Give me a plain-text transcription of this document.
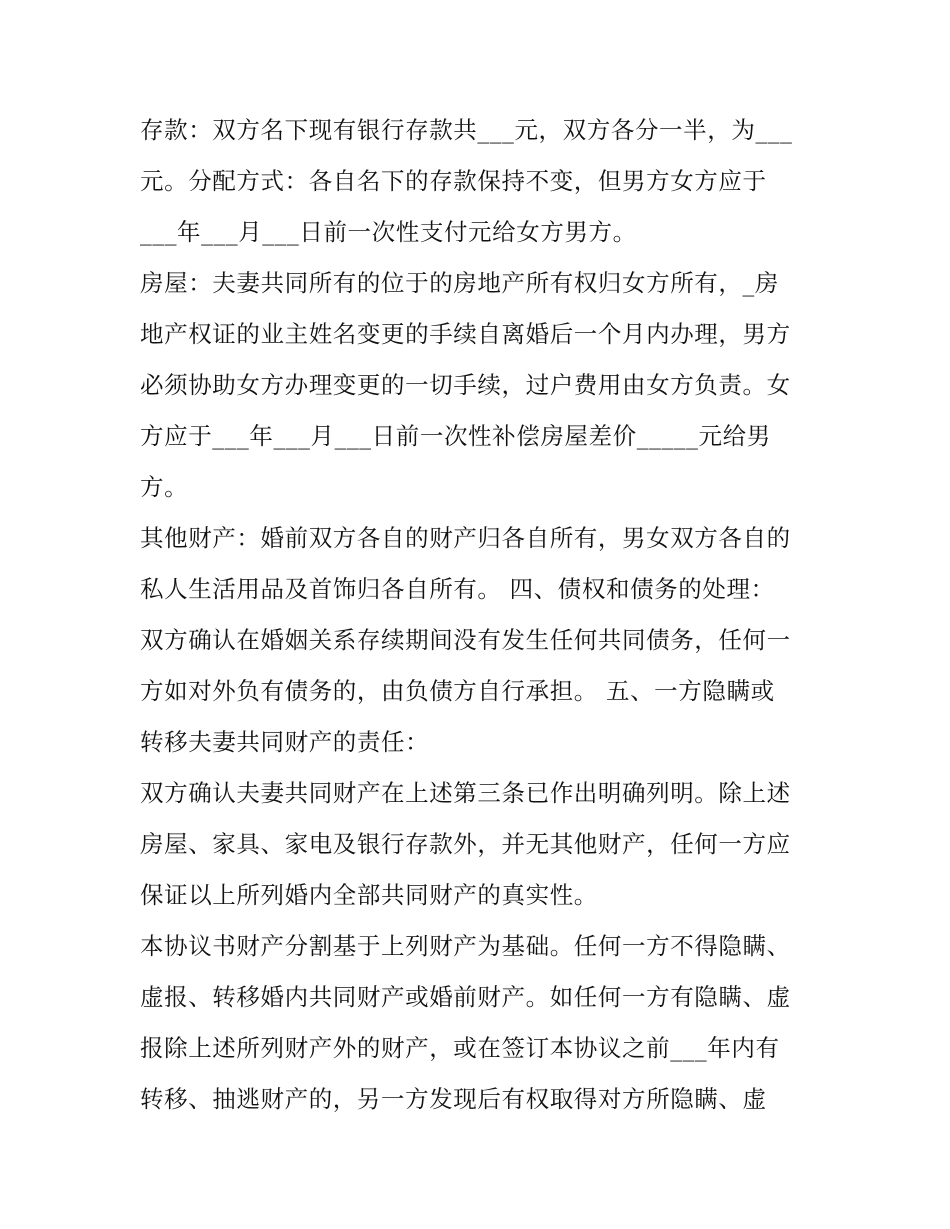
存款：双方名下现有银行存款共___元，双方各分一半，为___
元。分配方式：各自名下的存款保持不变，但男方女方应于
___年___月___日前一次性支付元给女方男方。
房屋：夫妻共同所有的位于的房地产所有权归女方所有，_房
地产权证的业主姓名变更的手续自离婚后一个月内办理，男方
必须协助女方办理变更的一切手续，过户费用由女方负责。女
方应于___年___月___日前一次性补偿房屋差价_____元给男
方。
其他财产：婚前双方各自的财产归各自所有，男女双方各自的
私人生活用品及首饰归各自所有。 四、债权和债务的处理：
双方确认在婚姻关系存续期间没有发生任何共同债务，任何一
方如对外负有债务的，由负债方自行承担。 五、一方隐瞒或
转移夫妻共同财产的责任：
双方确认夫妻共同财产在上述第三条已作出明确列明。除上述
房屋、家具、家电及银行存款外，并无其他财产，任何一方应
保证以上所列婚内全部共同财产的真实性。
本协议书财产分割基于上列财产为基础。任何一方不得隐瞒、
虚报、转移婚内共同财产或婚前财产。如任何一方有隐瞒、虚
报除上述所列财产外的财产，或在签订本协议之前___年内有
转移、抽逃财产的，另一方发现后有权取得对方所隐瞒、虚
